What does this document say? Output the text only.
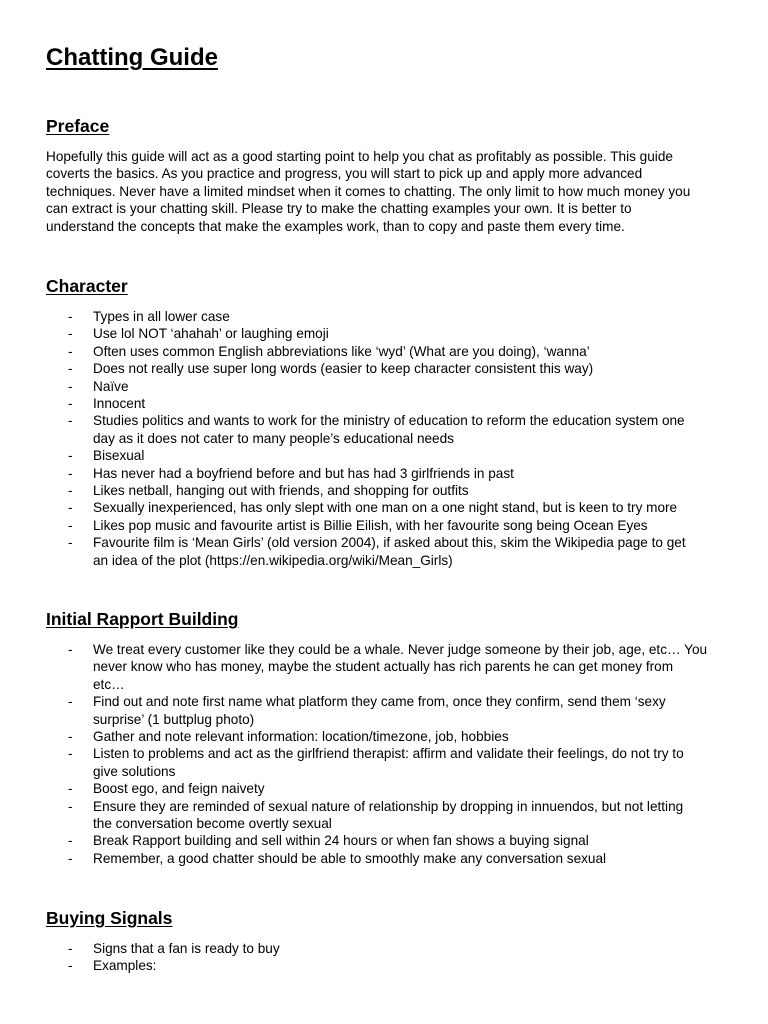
Chatting Guide
Preface
Hopefully this guide will act as a good starting point to help you chat as profitably as possible. This guide
coverts the basics. As you practice and progress, you will start to pick up and apply more advanced
techniques. Never have a limited mindset when it comes to chatting. The only limit to how much money you
can extract is your chatting skill. Please try to make the chatting examples your own. It is better to
understand the concepts that make the examples work, than to copy and paste them every time.
Character
- Types in all lower case
- Use lol NOT ‘ahahah’ or laughing emoji
- Often uses common English abbreviations like ‘wyd’ (What are you doing), ‘wanna’
- Does not really use super long words (easier to keep character consistent this way)
- Naïve
- Innocent
- Studies politics and wants to work for the ministry of education to reform the education system one
day as it does not cater to many people’s educational needs
- Bisexual
- Has never had a boyfriend before and but has had 3 girlfriends in past
- Likes netball, hanging out with friends, and shopping for outfits
- Sexually inexperienced, has only slept with one man on a one night stand, but is keen to try more
- Likes pop music and favourite artist is Billie Eilish, with her favourite song being Ocean Eyes
- Favourite film is ‘Mean Girls’ (old version 2004), if asked about this, skim the Wikipedia page to get
an idea of the plot (https://en.wikipedia.org/wiki/Mean_Girls)
Initial Rapport Building
- We treat every customer like they could be a whale. Never judge someone by their job, age, etc… You
never know who has money, maybe the student actually has rich parents he can get money from
etc…
- Find out and note first name what platform they came from, once they confirm, send them ‘sexy
surprise’ (1 buttplug photo)
- Gather and note relevant information: location/timezone, job, hobbies
- Listen to problems and act as the girlfriend therapist: affirm and validate their feelings, do not try to
give solutions
- Boost ego, and feign naivety
- Ensure they are reminded of sexual nature of relationship by dropping in innuendos, but not letting
the conversation become overtly sexual
- Break Rapport building and sell within 24 hours or when fan shows a buying signal
- Remember, a good chatter should be able to smoothly make any conversation sexual
Buying Signals
- Signs that a fan is ready to buy
- Examples:
